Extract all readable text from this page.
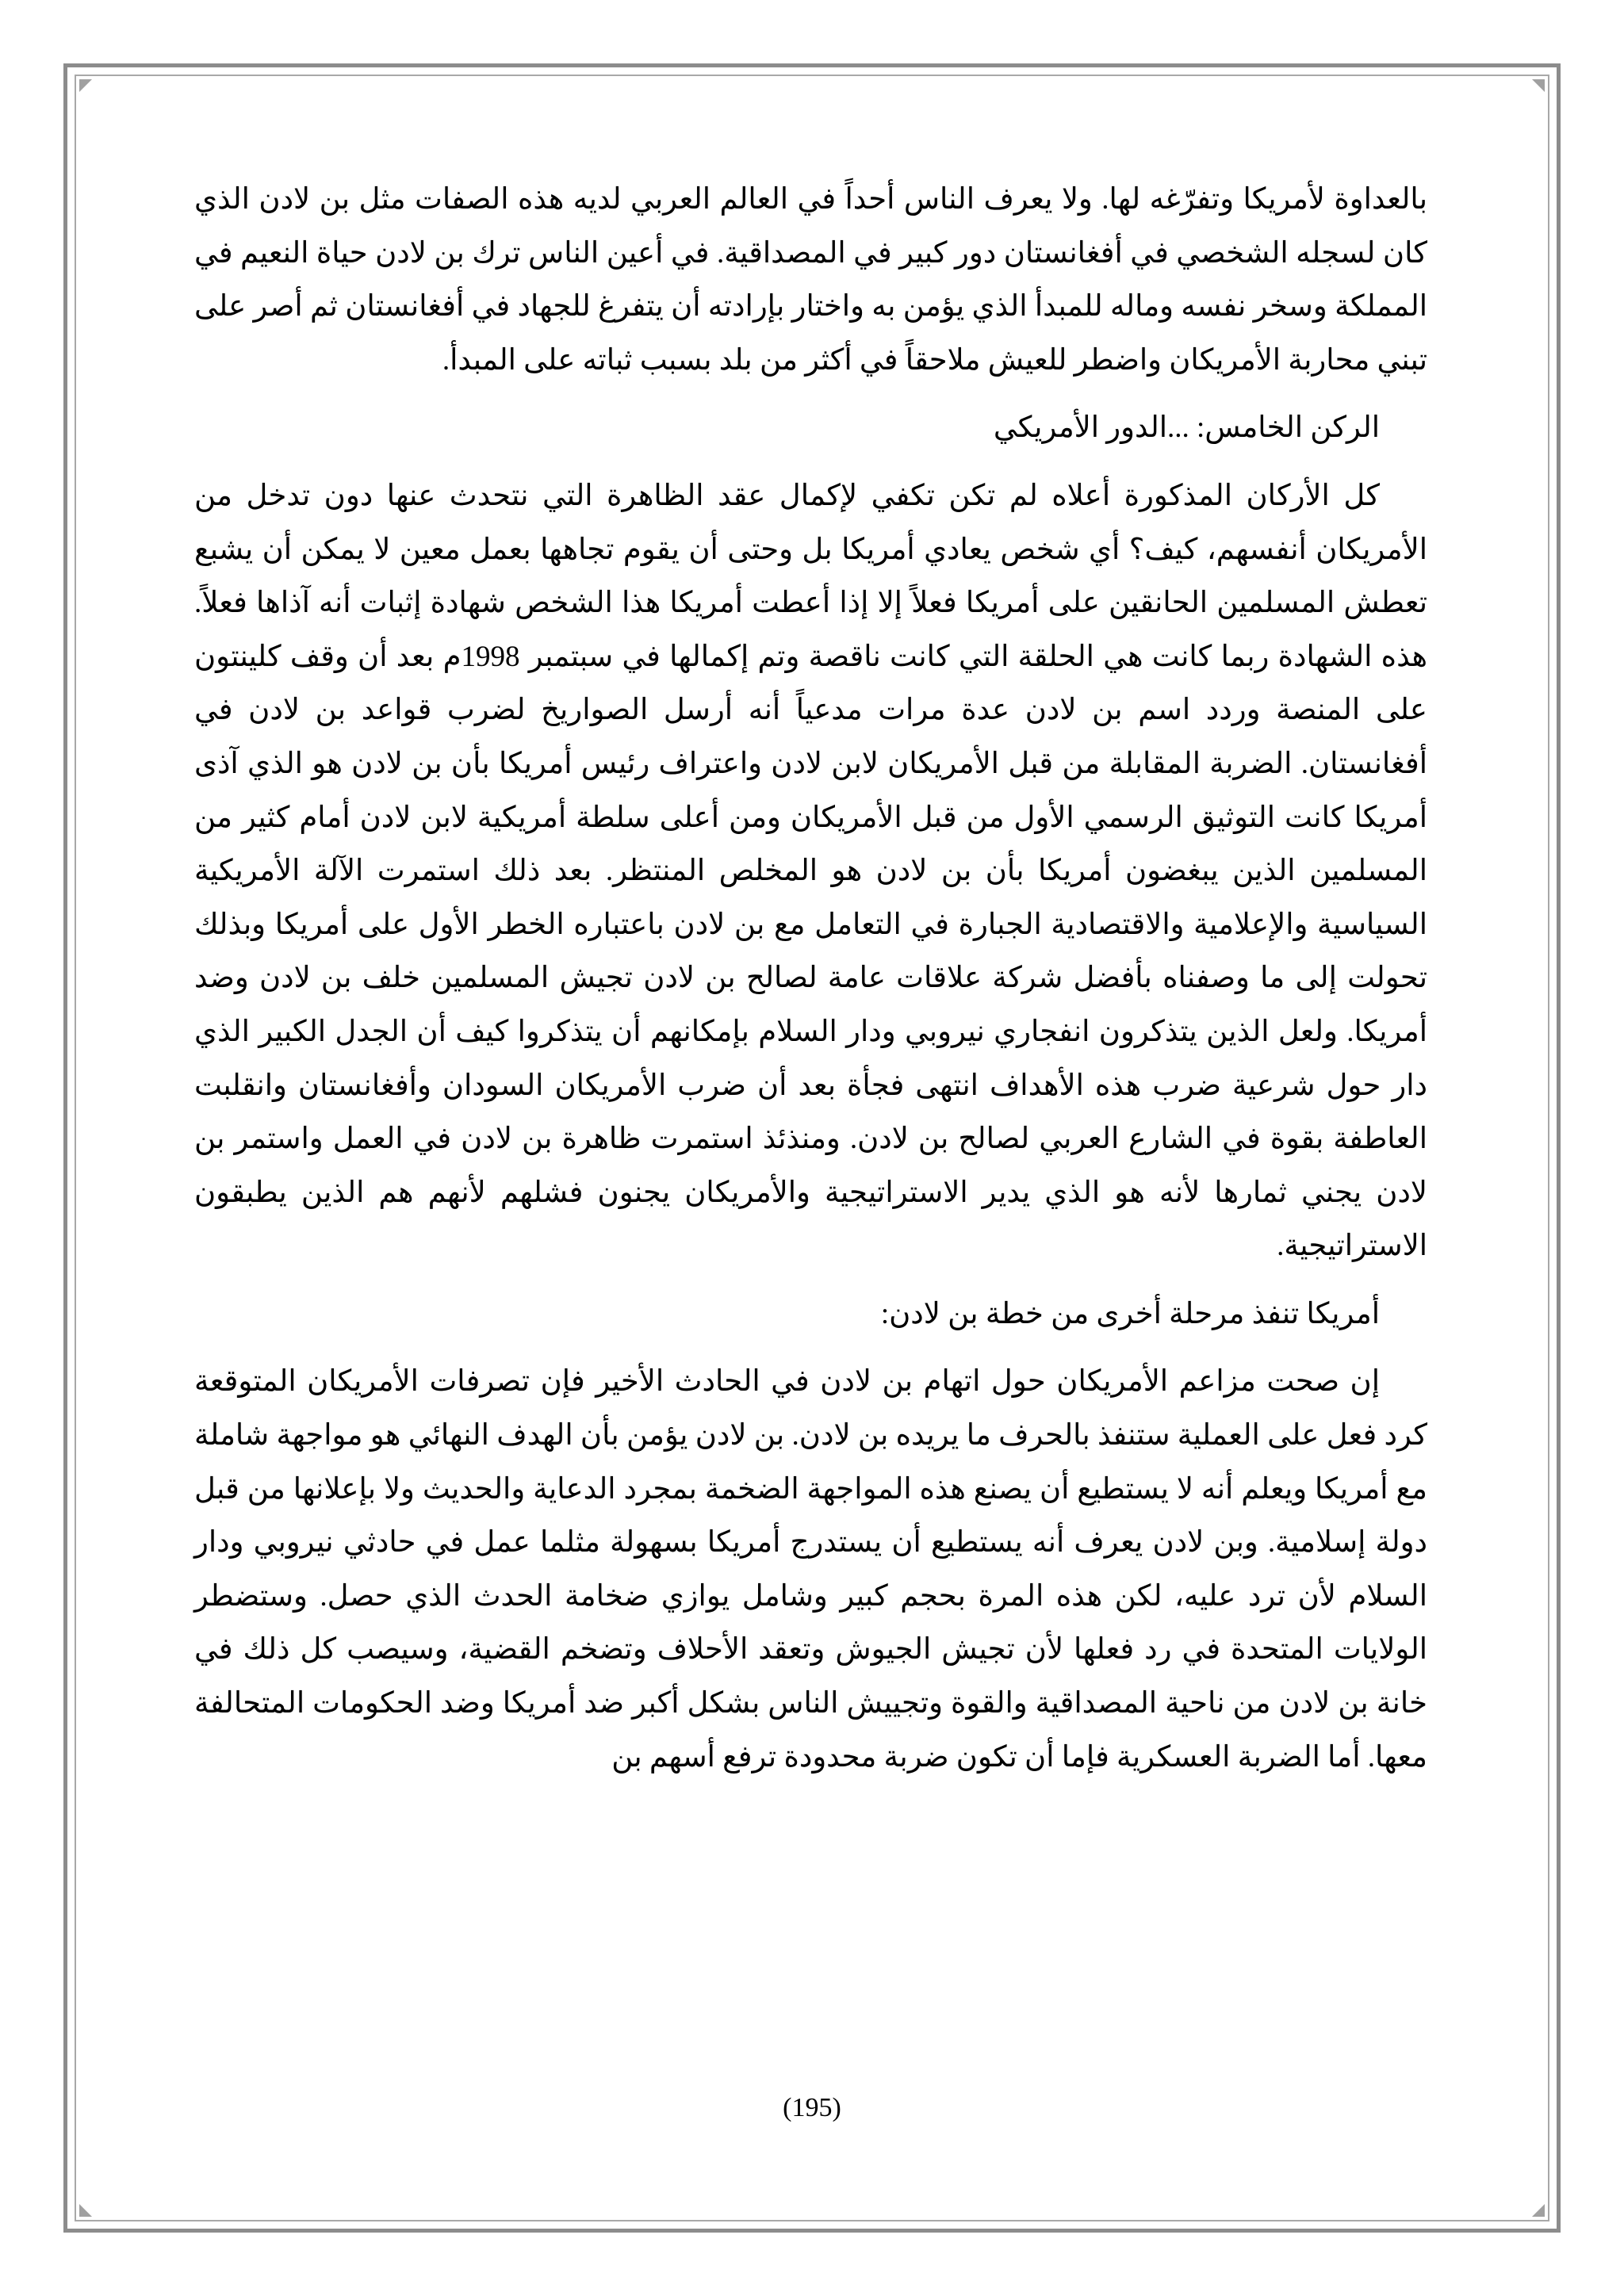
بالعداوة لأمريكا وتفرّغه لها. ولا يعرف الناس أحداً في العالم العربي لديه هذه الصفات مثل بن لادن الذي كان لسجله الشخصي في أفغانستان دور كبير في المصداقية. في أعين الناس ترك بن لادن حياة النعيم في المملكة وسخر نفسه وماله للمبدأ الذي يؤمن به واختار بإرادته أن يتفرغ للجهاد في أفغانستان ثم أصر على تبني محاربة الأمريكان واضطر للعيش ملاحقاً في أكثر من بلد بسبب ثباته على المبدأ.

الركن الخامس: ...الدور الأمريكي

كل الأركان المذكورة أعلاه لم تكن تكفي لإكمال عقد الظاهرة التي نتحدث عنها دون تدخل من الأمريكان أنفسهم، كيف؟ أي شخص يعادي أمريكا بل وحتى أن يقوم تجاهها بعمل معين لا يمكن أن يشبع تعطش المسلمين الحانقين على أمريكا فعلاً إلا إذا أعطت أمريكا هذا الشخص شهادة إثبات أنه آذاها فعلاً. هذه الشهادة ربما كانت هي الحلقة التي كانت ناقصة وتم إكمالها في سبتمبر 1998م بعد أن وقف كلينتون على المنصة وردد اسم بن لادن عدة مرات مدعياً أنه أرسل الصواريخ لضرب قواعد بن لادن في أفغانستان. الضربة المقابلة من قبل الأمريكان لابن لادن واعتراف رئيس أمريكا بأن بن لادن هو الذي آذى أمريكا كانت التوثيق الرسمي الأول من قبل الأمريكان ومن أعلى سلطة أمريكية لابن لادن أمام كثير من المسلمين الذين يبغضون أمريكا بأن بن لادن هو المخلص المنتظر. بعد ذلك استمرت الآلة الأمريكية السياسية والإعلامية والاقتصادية الجبارة في التعامل مع بن لادن باعتباره الخطر الأول على أمريكا وبذلك تحولت إلى ما وصفناه بأفضل شركة علاقات عامة لصالح بن لادن تجيش المسلمين خلف بن لادن وضد أمريكا. ولعل الذين يتذكرون انفجاري نيروبي ودار السلام بإمكانهم أن يتذكروا كيف أن الجدل الكبير الذي دار حول شرعية ضرب هذه الأهداف انتهى فجأة بعد أن ضرب الأمريكان السودان وأفغانستان وانقلبت العاطفة بقوة في الشارع العربي لصالح بن لادن. ومنذئذ استمرت ظاهرة بن لادن في العمل واستمر بن لادن يجني ثمارها لأنه هو الذي يدير الاستراتيجية والأمريكان يجنون فشلهم لأنهم هم الذين يطبقون الاستراتيجية.

أمريكا تنفذ مرحلة أخرى من خطة بن لادن:

إن صحت مزاعم الأمريكان حول اتهام بن لادن في الحادث الأخير فإن تصرفات الأمريكان المتوقعة كرد فعل على العملية ستنفذ بالحرف ما يريده بن لادن. بن لادن يؤمن بأن الهدف النهائي هو مواجهة شاملة مع أمريكا ويعلم أنه لا يستطيع أن يصنع هذه المواجهة الضخمة بمجرد الدعاية والحديث ولا بإعلانها من قبل دولة إسلامية. وبن لادن يعرف أنه يستطيع أن يستدرج أمريكا بسهولة مثلما عمل في حادثي نيروبي ودار السلام لأن ترد عليه، لكن هذه المرة بحجم كبير وشامل يوازي ضخامة الحدث الذي حصل. وستضطر الولايات المتحدة في رد فعلها لأن تجيش الجيوش وتعقد الأحلاف وتضخم القضية، وسيصب كل ذلك في خانة بن لادن من ناحية المصداقية والقوة وتجييش الناس بشكل أكبر ضد أمريكا وضد الحكومات المتحالفة معها. أما الضربة العسكرية فإما أن تكون ضربة محدودة ترفع أسهم بن

(195)
